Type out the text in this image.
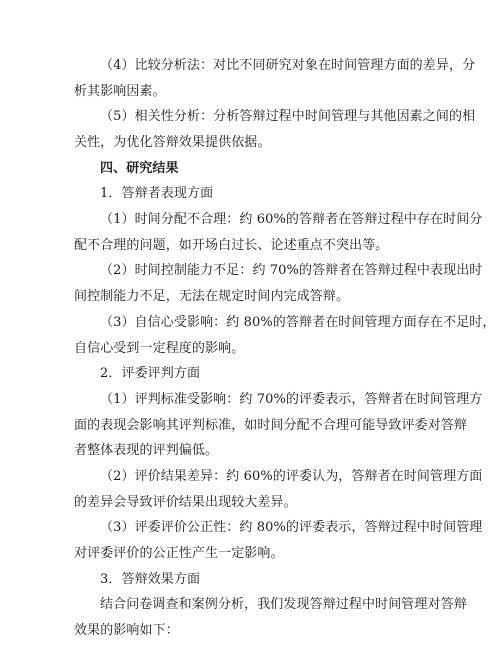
（4）比较分析法：对比不同研究对象在时间管理方面的差异，分
析其影响因素。
（5）相关性分析：分析答辩过程中时间管理与其他因素之间的相
关性，为优化答辩效果提供依据。
四、研究结果
1．答辩者表现方面
（1）时间分配不合理：约 60%的答辩者在答辩过程中存在时间分
配不合理的问题，如开场白过长、论述重点不突出等。
（2）时间控制能力不足：约 70%的答辩者在答辩过程中表现出时
间控制能力不足，无法在规定时间内完成答辩。
（3）自信心受影响：约 80%的答辩者在时间管理方面存在不足时，
自信心受到一定程度的影响。
2．评委评判方面
（1）评判标准受影响：约 70%的评委表示，答辩者在时间管理方
面的表现会影响其评判标准，如时间分配不合理可能导致评委对答辩
者整体表现的评判偏低。
（2）评价结果差异：约 60%的评委认为，答辩者在时间管理方面
的差异会导致评价结果出现较大差异。
（3）评委评价公正性：约 80%的评委表示，答辩过程中时间管理
对评委评价的公正性产生一定影响。
3．答辩效果方面
结合问卷调查和案例分析，我们发现答辩过程中时间管理对答辩
效果的影响如下：
